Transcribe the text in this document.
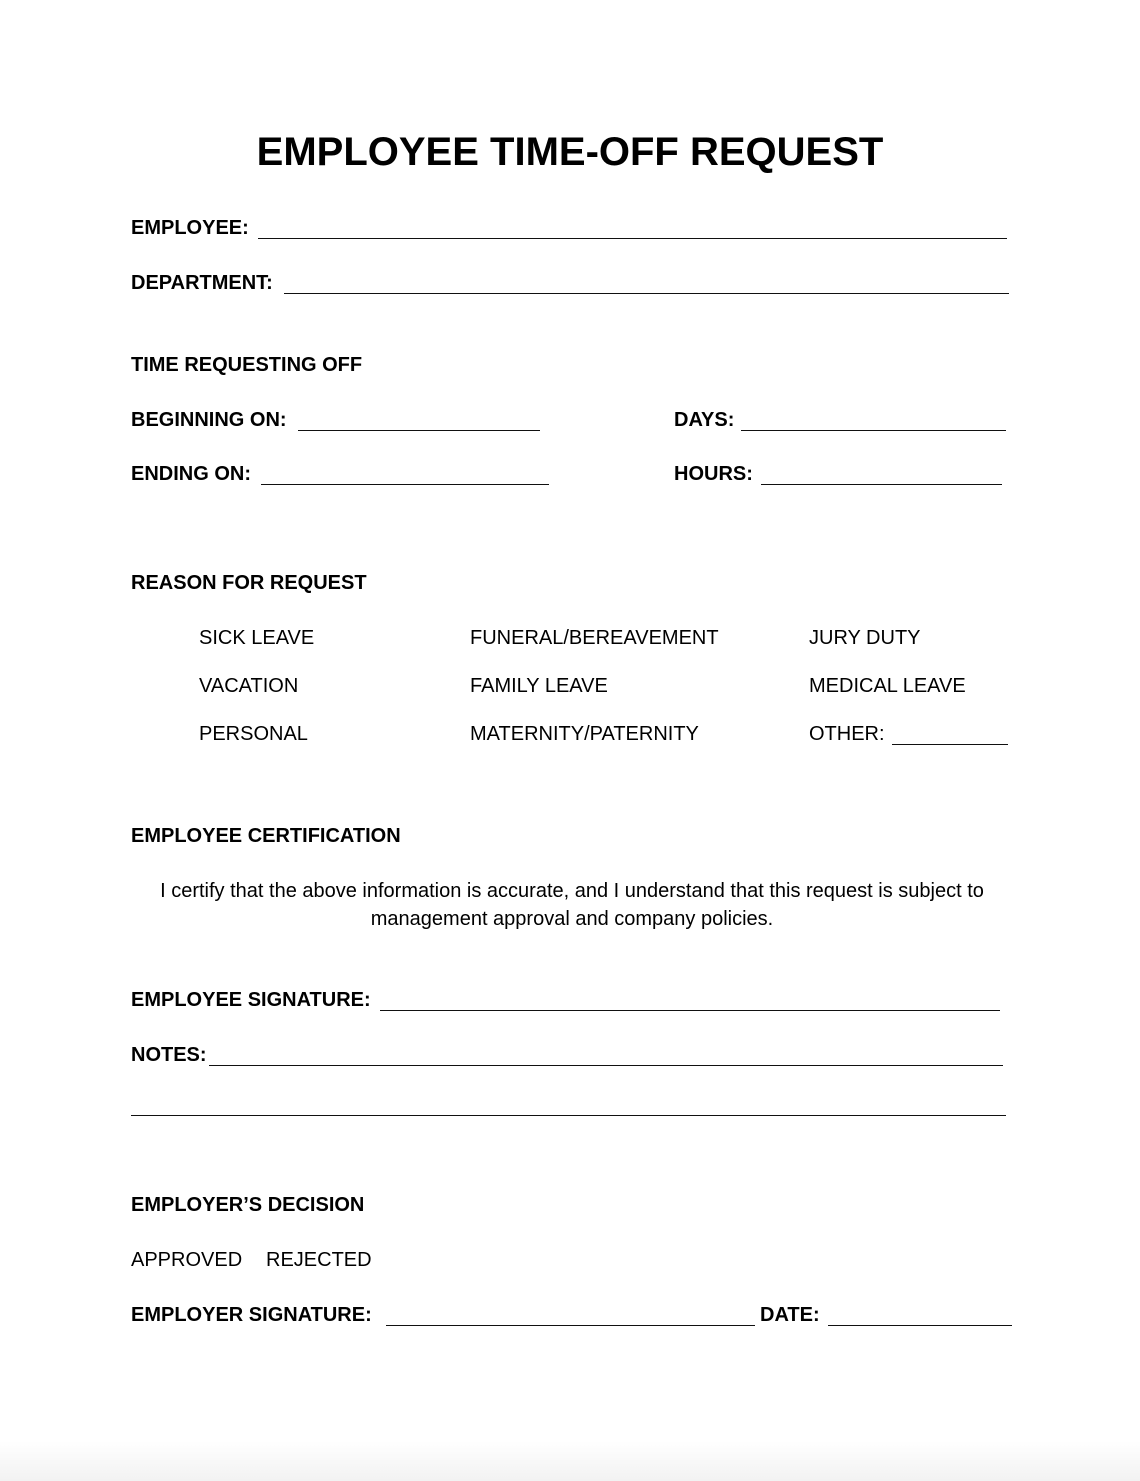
EMPLOYEE TIME-OFF REQUEST
EMPLOYEE:
DEPARTMENT:
TIME REQUESTING OFF
BEGINNING ON:	DAYS:
ENDING ON:	HOURS:
REASON FOR REQUEST
SICK LEAVE	FUNERAL/BEREAVEMENT	JURY DUTY
VACATION	FAMILY LEAVE	MEDICAL LEAVE
PERSONAL	MATERNITY/PATERNITY	OTHER:
EMPLOYEE CERTIFICATION
I certify that the above information is accurate, and I understand that this request is subject to management approval and company policies.
EMPLOYEE SIGNATURE:
NOTES:
EMPLOYER’S DECISION
APPROVED REJECTED
EMPLOYER SIGNATURE:	DATE:
